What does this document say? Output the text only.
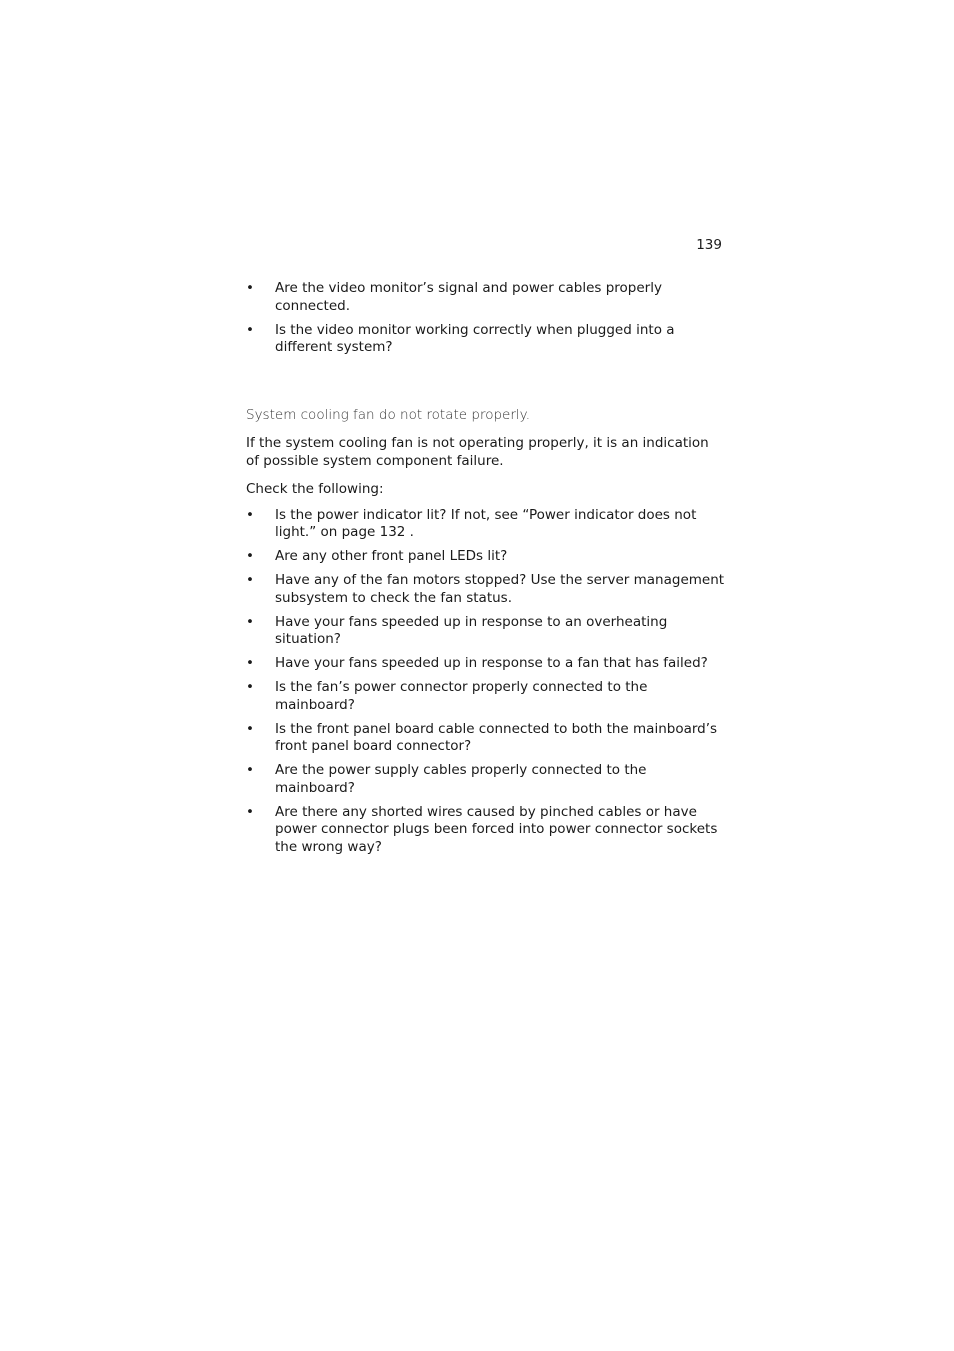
139
• Are the video monitor’s signal and power cables properly connected.
• Is the video monitor working correctly when plugged into a different system?
System cooling fan do not rotate properly.

If the system cooling fan is not operating properly, it is an indication of possible system component failure.

Check the following:

• Is the power indicator lit? If not, see “Power indicator does not light.” on page 132 .
• Are any other front panel LEDs lit?
• Have any of the fan motors stopped? Use the server management subsystem to check the fan status.
• Have your fans speeded up in response to an overheating situation?
• Have your fans speeded up in response to a fan that has failed?
• Is the fan’s power connector properly connected to the mainboard?
• Is the front panel board cable connected to both the mainboard’s front panel board connector?
• Are the power supply cables properly connected to the mainboard?
• Are there any shorted wires caused by pinched cables or have power connector plugs been forced into power connector sockets the wrong way?
